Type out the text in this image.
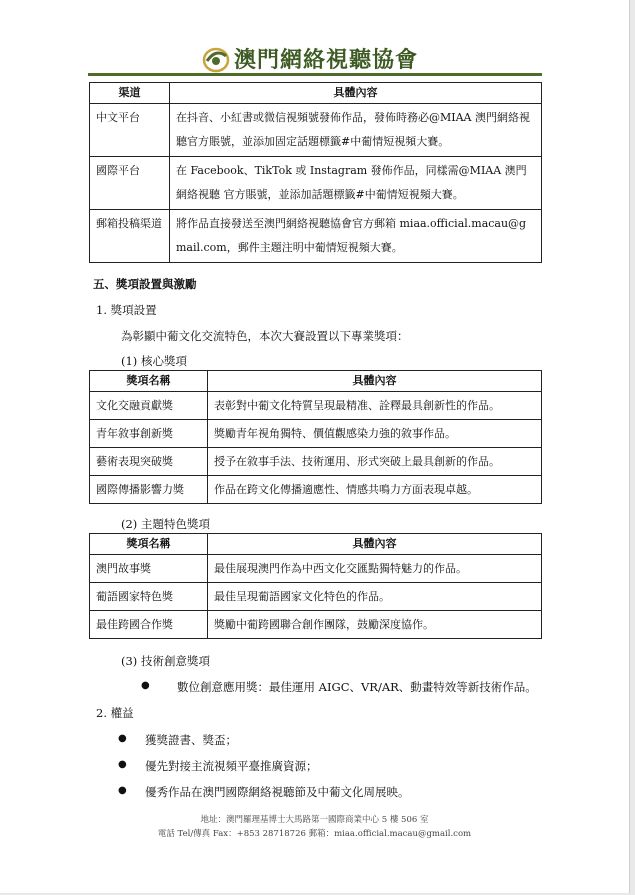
澳門網絡視聽協會
渠道	具體內容
中文平台	在抖音、小紅書或微信視頻號發佈作品，發佈時務必@MIAA 澳門網絡視聽官方賬號，並添加固定話題標籤#中葡情短視頻大賽。
國際平台	在 Facebook、TikTok 或 Instagram 發佈作品，同樣需@MIAA 澳門網絡視聽 官方賬號，並添加話題標籤#中葡情短視頻大賽。
郵箱投稿渠道	將作品直接發送至澳門網絡視聽協會官方郵箱 miaa.official.macau@gmail.com，郵件主題注明中葡情短視頻大賽。
五、獎項設置與激勵
1. 獎項設置
為彰顯中葡文化交流特色，本次大賽設置以下專業獎項：
(1) 核心獎項
獎項名稱	具體內容
文化交融貢獻獎	表彰對中葡文化特質呈現最精准、詮釋最具創新性的作品。
青年敘事創新獎	獎勵青年視角獨特、價值觀感染力強的敘事作品。
藝術表現突破獎	授予在敘事手法、技術運用、形式突破上最具創新的作品。
國際傳播影響力獎	作品在跨文化傳播適應性、情感共鳴力方面表現卓越。
(2) 主題特色獎項
獎項名稱	具體內容
澳門故事獎	最佳展現澳門作為中西文化交匯點獨特魅力的作品。
葡語國家特色獎	最佳呈現葡語國家文化特色的作品。
最佳跨國合作獎	獎勵中葡跨國聯合創作團隊，鼓勵深度協作。
(3) 技術創意獎項
● 數位創意應用獎：最佳運用 AIGC、VR/AR、動畫特效等新技術作品。
2. 權益
● 獲獎證書、獎盃；
● 優先對接主流視頻平臺推廣資源；
● 優秀作品在澳門國際網絡視聽節及中葡文化周展映。
地址：澳門羅理基博士大馬路第一國際商業中心 5 樓 506 室
電話 Tel/傳真 Fax：+853 28718726 郵箱：miaa.official.macau@gmail.com
